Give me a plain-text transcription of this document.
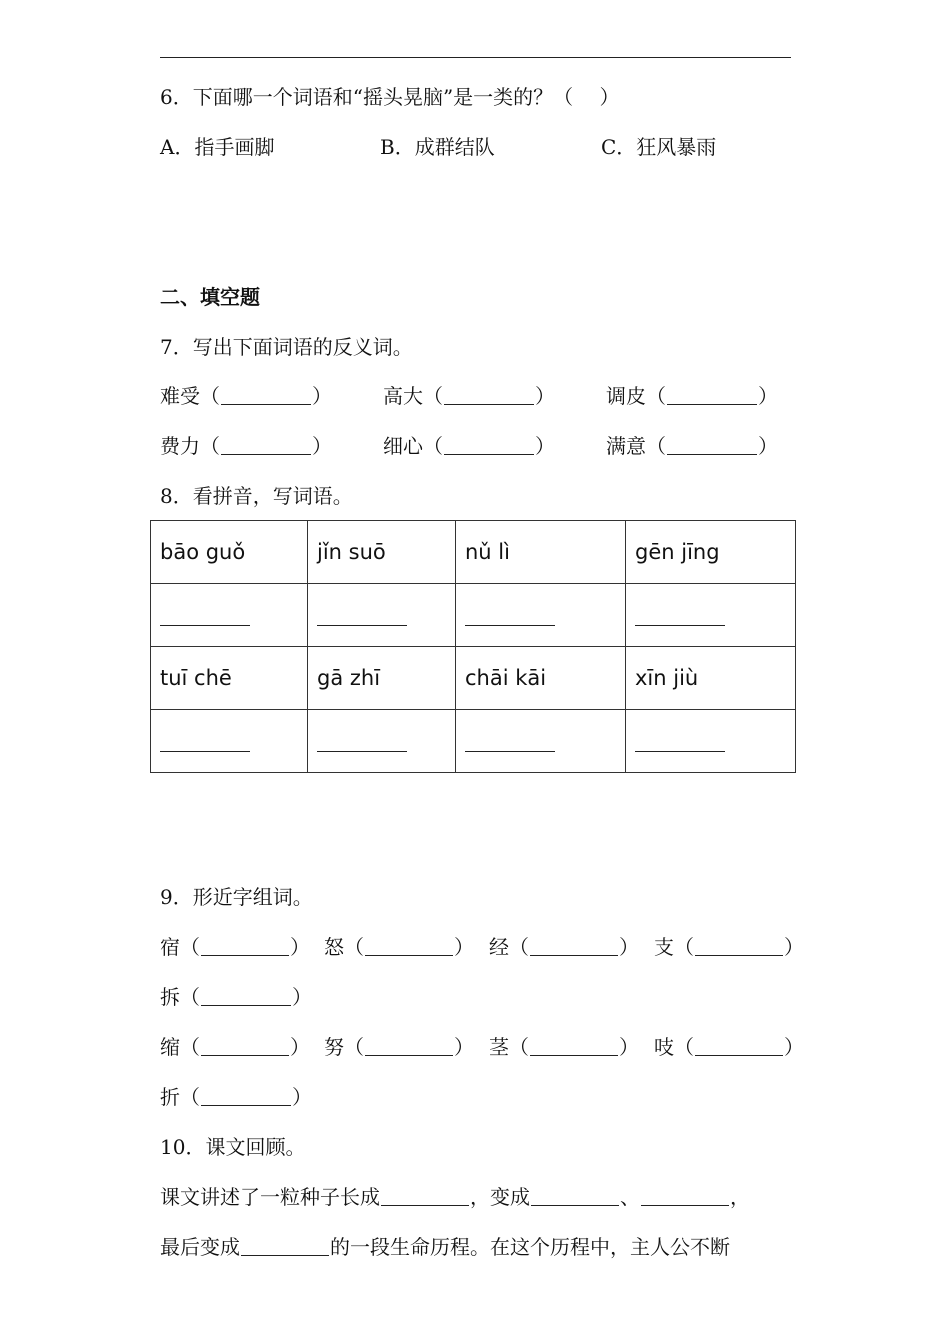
6．下面哪一个词语和“摇头晃脑”是一类的？（　 ）
A．指手画脚	B．成群结队	C．狂风暴雨
二、填空题
7．写出下面词语的反义词。
难受（	）	高大（	）	调皮（	）
费力（	）	细心（	）	满意（	）
8．看拼音，写词语。
bāo guǒ	jǐn suō	nǔ lì	gēn jīng

tuī chē	gā zhī	chāi kāi	xīn jiù

9．形近字组词。
宿（	） 怒（	） 经（	） 支（	）
拆（	）
缩（	） 努（	） 茎（	） 吱（	）
折（	）
10．课文回顾。
课文讲述了一粒种子长成	，变成	、	，
最后变成	的一段生命历程。在这个历程中，主人公不断
